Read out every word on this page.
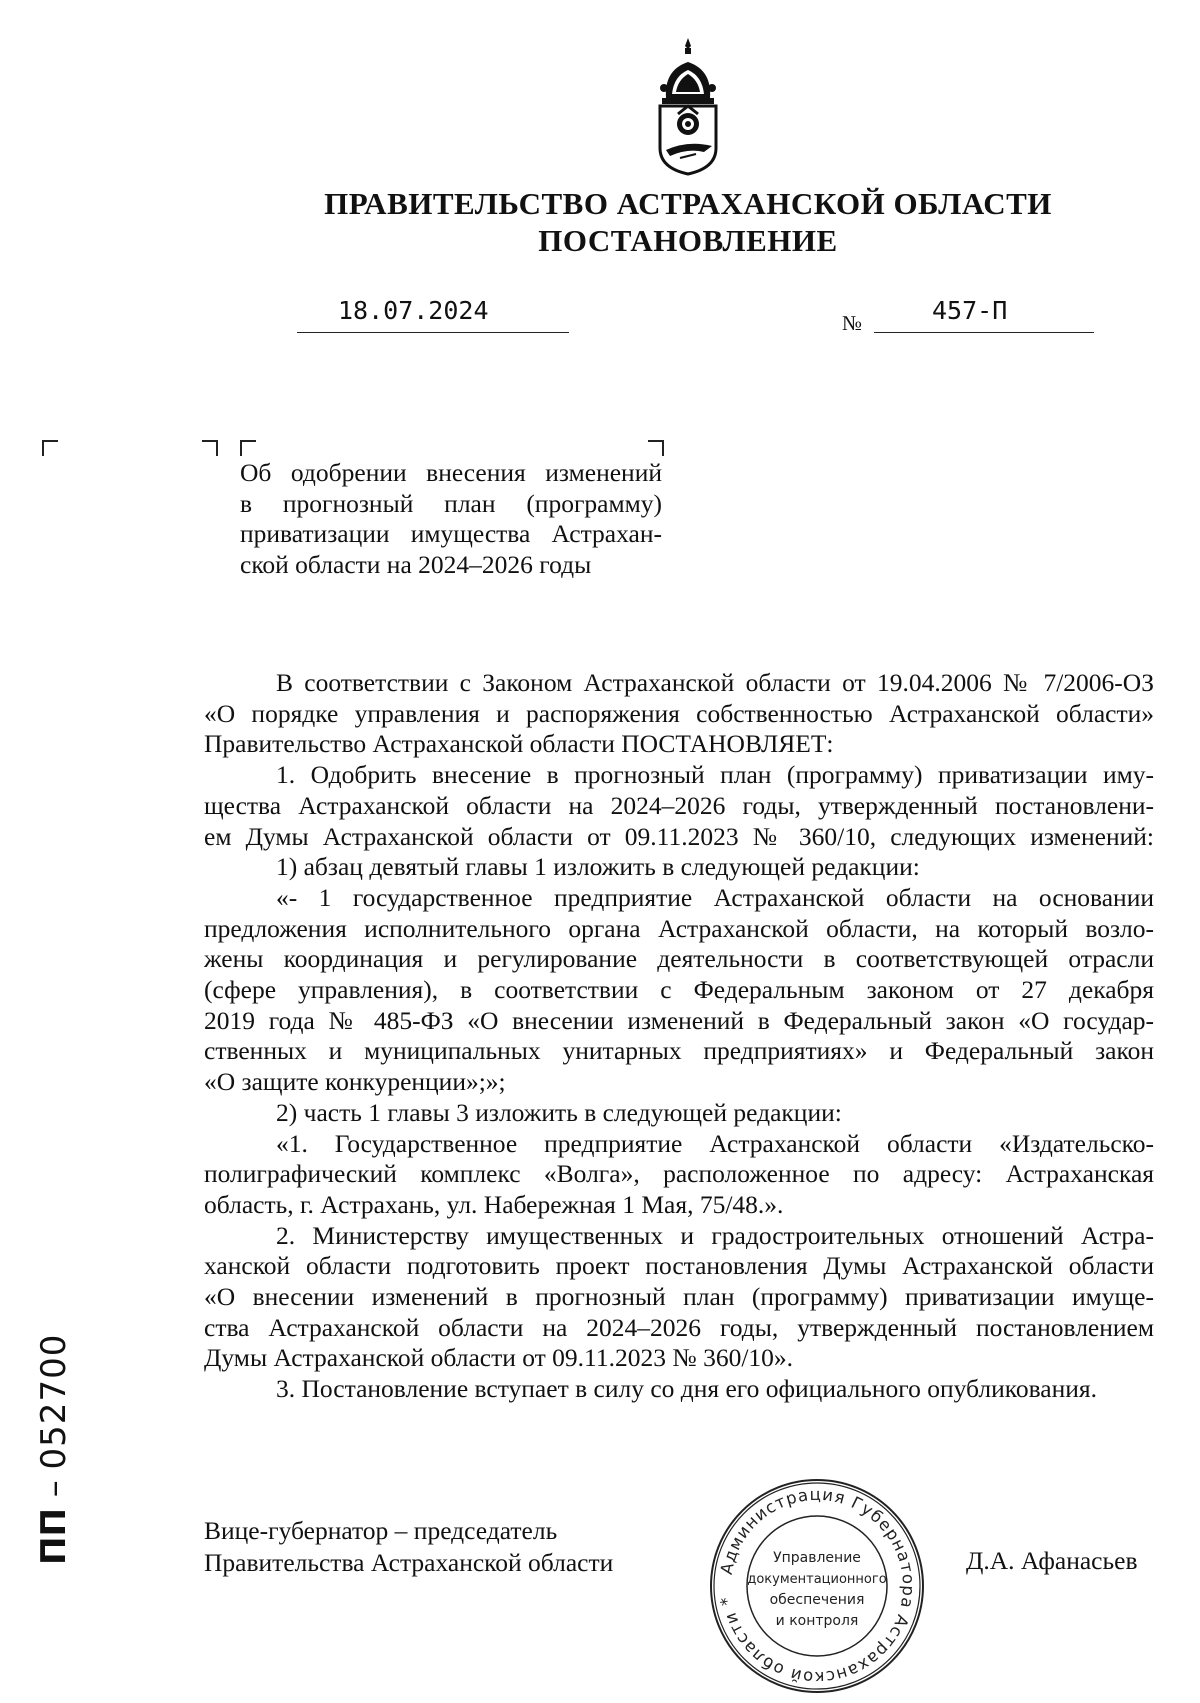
ПРАВИТЕЛЬСТВО АСТРАХАНСКОЙ ОБЛАСТИ
ПОСТАНОВЛЕНИЕ
18.07.2024	№	457-П
Об одобрении внесения изменений
в прогнозный план (программу)
приватизации имущества Астрахан-
ской области на 2024–2026 годы
В соответствии с Законом Астраханской области от 19.04.2006 № 7/2006-ОЗ
«О порядке управления и распоряжения собственностью Астраханской области»
Правительство Астраханской области ПОСТАНОВЛЯЕТ:
1. Одобрить внесение в прогнозный план (программу) приватизации иму-
щества Астраханской области на 2024–2026 годы, утвержденный постановлени-
ем Думы Астраханской области от 09.11.2023 № 360/10, следующих изменений:
1) абзац девятый главы 1 изложить в следующей редакции:
«- 1 государственное предприятие Астраханской области на основании
предложения исполнительного органа Астраханской области, на который возло-
жены координация и регулирование деятельности в соответствующей отрасли
(сфере управления), в соответствии с Федеральным законом от 27 декабря
2019 года № 485-ФЗ «О внесении изменений в Федеральный закон «О государ-
ственных и муниципальных унитарных предприятиях» и Федеральный закон
«О защите конкуренции»;»;
2) часть 1 главы 3 изложить в следующей редакции:
«1. Государственное предприятие Астраханской области «Издательско-
полиграфический комплекс «Волга», расположенное по адресу: Астраханская
область, г. Астрахань, ул. Набережная 1 Мая, 75/48.».
2. Министерству имущественных и градостроительных отношений Астра-
ханской области подготовить проект постановления Думы Астраханской области
«О внесении изменений в прогнозный план (программу) приватизации имуще-
ства Астраханской области на 2024–2026 годы, утвержденный постановлением
Думы Астраханской области от 09.11.2023 № 360/10».
3. Постановление вступает в силу со дня его официального опубликования.
Вице-губернатор – председатель
Правительства Астраханской области	Д.А. Афанасьев
Администрация Губернатора Астраханской области *
Управление
документационного
обеспечения
и контроля
ПП – 052700
